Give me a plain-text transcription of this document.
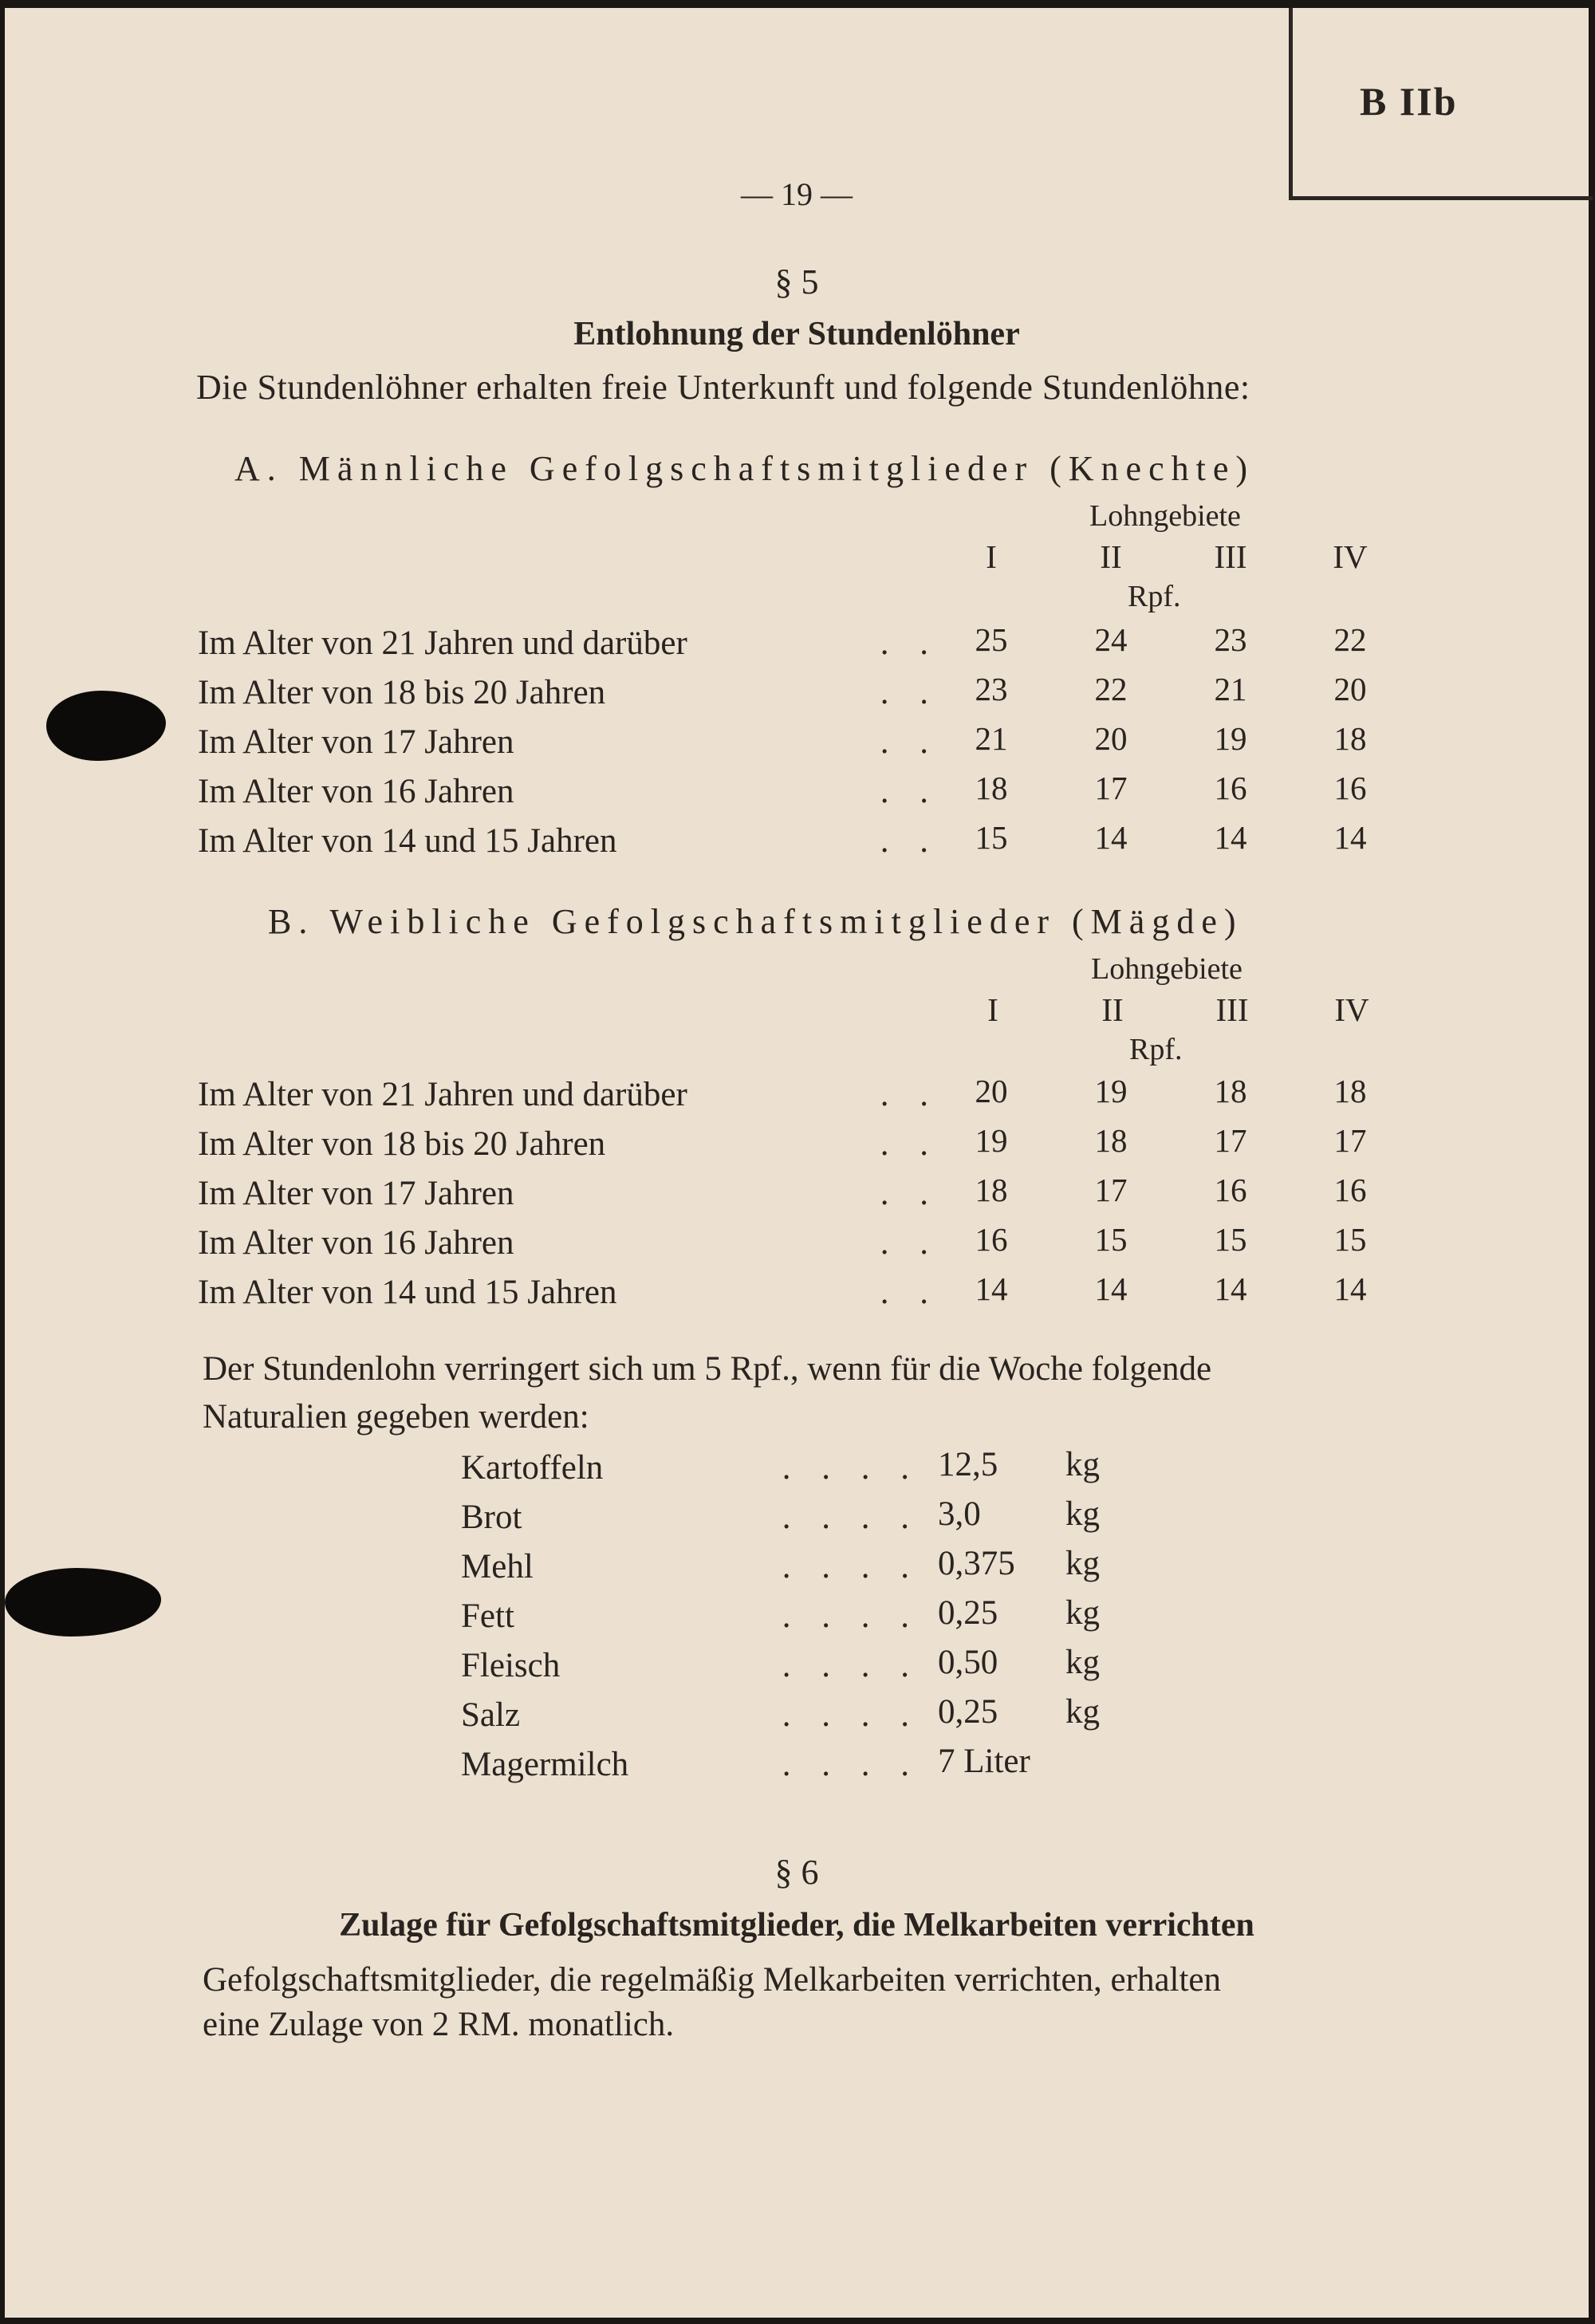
B IIb
— 19 —
§ 5
Entlohnung der Stundenlöhner
Die Stundenlöhner erhalten freie Unterkunft und folgende Stundenlöhne:
A. Männliche Gefolgschaftsmitglieder (Knechte)
Lohngebiete
I	II	III	IV
Rpf.
Im Alter von 21 Jahren und darüber	. .	25	24	23	22
Im Alter von 18 bis 20 Jahren	. .	23	22	21	20
Im Alter von 17 Jahren	. .	21	20	19	18
Im Alter von 16 Jahren	. .	18	17	16	16
Im Alter von 14 und 15 Jahren	. .	15	14	14	14
B. Weibliche Gefolgschaftsmitglieder (Mägde)
Lohngebiete
I	II	III	IV
Rpf.
Im Alter von 21 Jahren und darüber	. .	20	19	18	18
Im Alter von 18 bis 20 Jahren	. .	19	18	17	17
Im Alter von 17 Jahren	. .	18	17	16	16
Im Alter von 16 Jahren	. .	16	15	15	15
Im Alter von 14 und 15 Jahren	. .	14	14	14	14
Der Stundenlohn verringert sich um 5 Rpf., wenn für die Woche folgende
Naturalien gegeben werden:
Kartoffeln	. . . . 12,5 kg
Brot	. . . . 3,0 kg
Mehl	. . . . 0,375 kg
Fett	. . . . 0,25 kg
Fleisch	. . . . 0,50 kg
Salz	. . . . 0,25 kg
Magermilch	. . . . 7 Liter
§ 6
Zulage für Gefolgschaftsmitglieder, die Melkarbeiten verrichten
Gefolgschaftsmitglieder, die regelmäßig Melkarbeiten verrichten, erhalten
eine Zulage von 2 RM. monatlich.
